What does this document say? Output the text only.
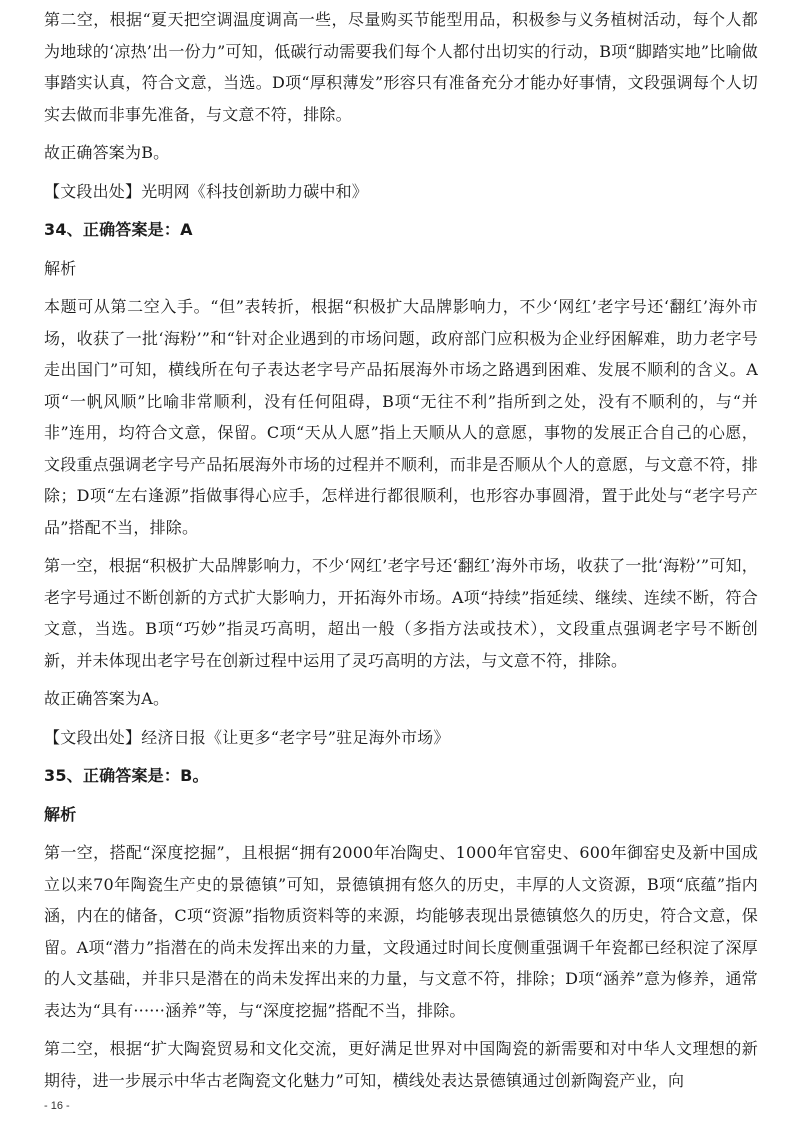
第二空，根据“夏天把空调温度调高一些，尽量购买节能型用品，积极参与义务植树活动，每个人都为地球的‘凉热’出一份力”可知，低碳行动需要我们每个人都付出切实的行动，B项“脚踏实地”比喻做事踏实认真，符合文意，当选。D项“厚积薄发”形容只有准备充分才能办好事情，文段强调每个人切实去做而非事先准备，与文意不符，排除。

故正确答案为B。

【文段出处】光明网《科技创新助力碳中和》

34、正确答案是：A

解析

本题可从第二空入手。“但”表转折，根据“积极扩大品牌影响力，不少‘网红’老字号还‘翻红’海外市场，收获了一批‘海粉’”和“针对企业遇到的市场问题，政府部门应积极为企业纾困解难，助力老字号走出国门”可知，横线所在句子表达老字号产品拓展海外市场之路遇到困难、发展不顺利的含义。A项“一帆风顺”比喻非常顺利，没有任何阻碍，B项“无往不利”指所到之处，没有不顺利的，与“并非”连用，均符合文意，保留。C项“天从人愿”指上天顺从人的意愿，事物的发展正合自己的心愿，文段重点强调老字号产品拓展海外市场的过程并不顺利，而非是否顺从个人的意愿，与文意不符，排除；D项“左右逢源”指做事得心应手，怎样进行都很顺利，也形容办事圆滑，置于此处与“老字号产品”搭配不当，排除。

第一空，根据“积极扩大品牌影响力，不少‘网红’老字号还‘翻红’海外市场，收获了一批‘海粉’”可知，老字号通过不断创新的方式扩大影响力，开拓海外市场。A项“持续”指延续、继续、连续不断，符合文意，当选。B项“巧妙”指灵巧高明，超出一般（多指方法或技术），文段重点强调老字号不断创新，并未体现出老字号在创新过程中运用了灵巧高明的方法，与文意不符，排除。

故正确答案为A。

【文段出处】经济日报《让更多“老字号”驻足海外市场》

35、正确答案是：B。

解析

第一空，搭配“深度挖掘”，且根据“拥有2000年冶陶史、1000年官窑史、600年御窑史及新中国成立以来70年陶瓷生产史的景德镇”可知，景德镇拥有悠久的历史，丰厚的人文资源，B项“底蕴”指内涵，内在的储备，C项“资源”指物质资料等的来源，均能够表现出景德镇悠久的历史，符合文意，保留。A项“潜力”指潜在的尚未发挥出来的力量，文段通过时间长度侧重强调千年瓷都已经积淀了深厚的人文基础，并非只是潜在的尚未发挥出来的力量，与文意不符，排除；D项“涵养”意为修养，通常表达为“具有······涵养”等，与“深度挖掘”搭配不当，排除。

第二空，根据“扩大陶瓷贸易和文化交流，更好满足世界对中国陶瓷的新需要和对中华人文理想的新期待，进一步展示中华古老陶瓷文化魅力”可知，横线处表达景德镇通过创新陶瓷产业，向

- 16 -
